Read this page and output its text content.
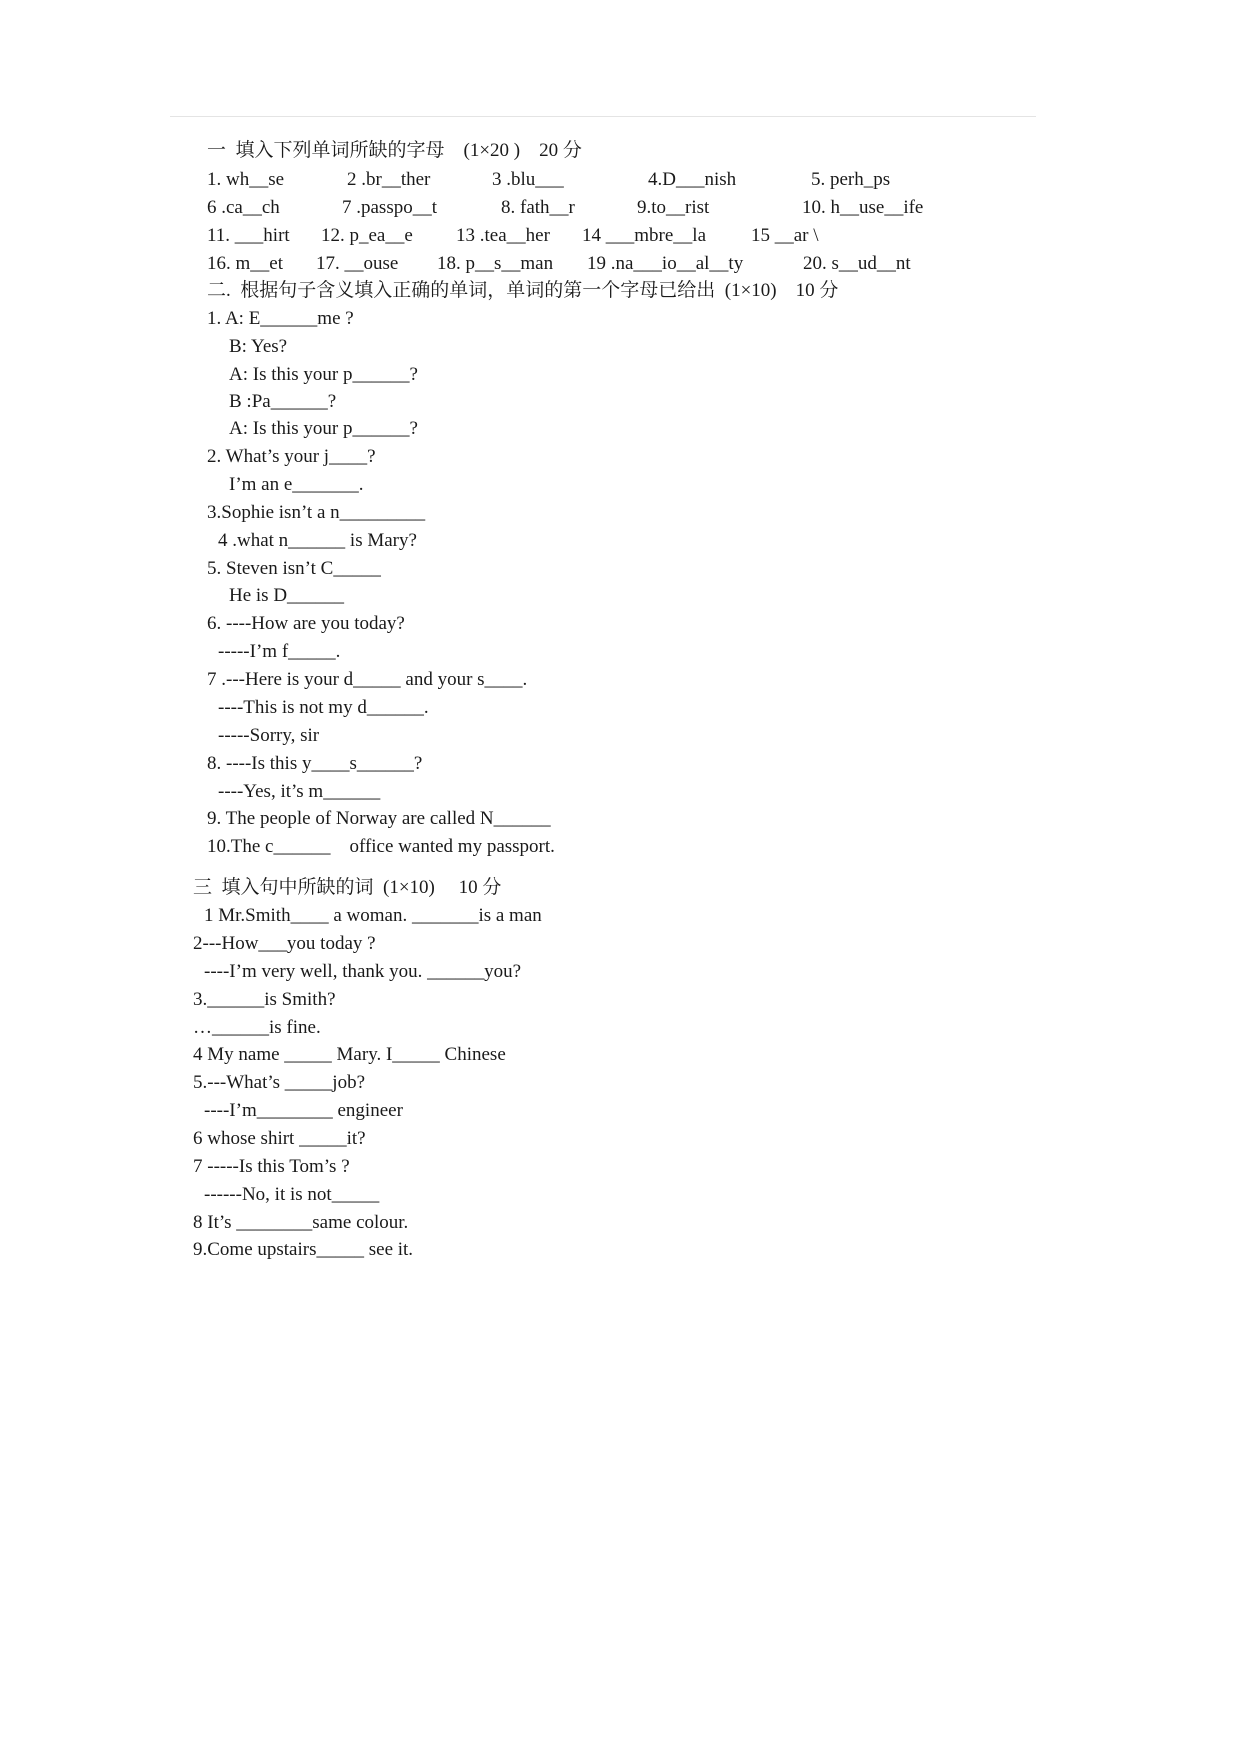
一  填入下列单词所缺的字母    (1×20 )    20 分
1. wh__se	2 .br__ther	3 .blu___	4.D___nish	5. perh_ps
6 .ca__ch	7 .passpo__t	8. fath__r	9.to__rist	10. h__use__ife
11. ___hirt 12. p_ea__e 13 .tea__her 14 ___mbre__la 15 __ar \
16. m__et 17. __ouse 18. p__s__man 19 .na___io__al__ty	20. s__ud__nt
二.  根据句子含义填入正确的单词，单词的第一个字母已给出  (1×10)    10 分
1. A: E______me ?
B: Yes?
A: Is this your p______?
B :Pa______?
A: Is this your p______?
2. What’s your j____?
I’m an e_______.
3.Sophie isn’t a n_________
4 .what n______ is Mary?
5. Steven isn’t C_____
He is D______
6. ----How are you today?
-----I’m f_____.
7 .---Here is your d_____ and your s____.
----This is not my d______.
-----Sorry, sir
8. ----Is this y____s______?
----Yes, it’s m______
9. The people of Norway are called N______
10.The c______    office wanted my passport.
三  填入句中所缺的词  (1×10)     10 分
1 Mr.Smith____ a woman. _______is a man
2---How___you today ?
----I’m very well, thank you. ______you?
3.______is Smith?
…______is fine.
4 My name _____ Mary. I_____ Chinese
5.---What’s _____job?
----I’m________ engineer
6 whose shirt _____it?
7 -----Is this Tom’s ?
------No, it is not_____
8 It’s ________same colour.
9.Come upstairs_____ see it.
